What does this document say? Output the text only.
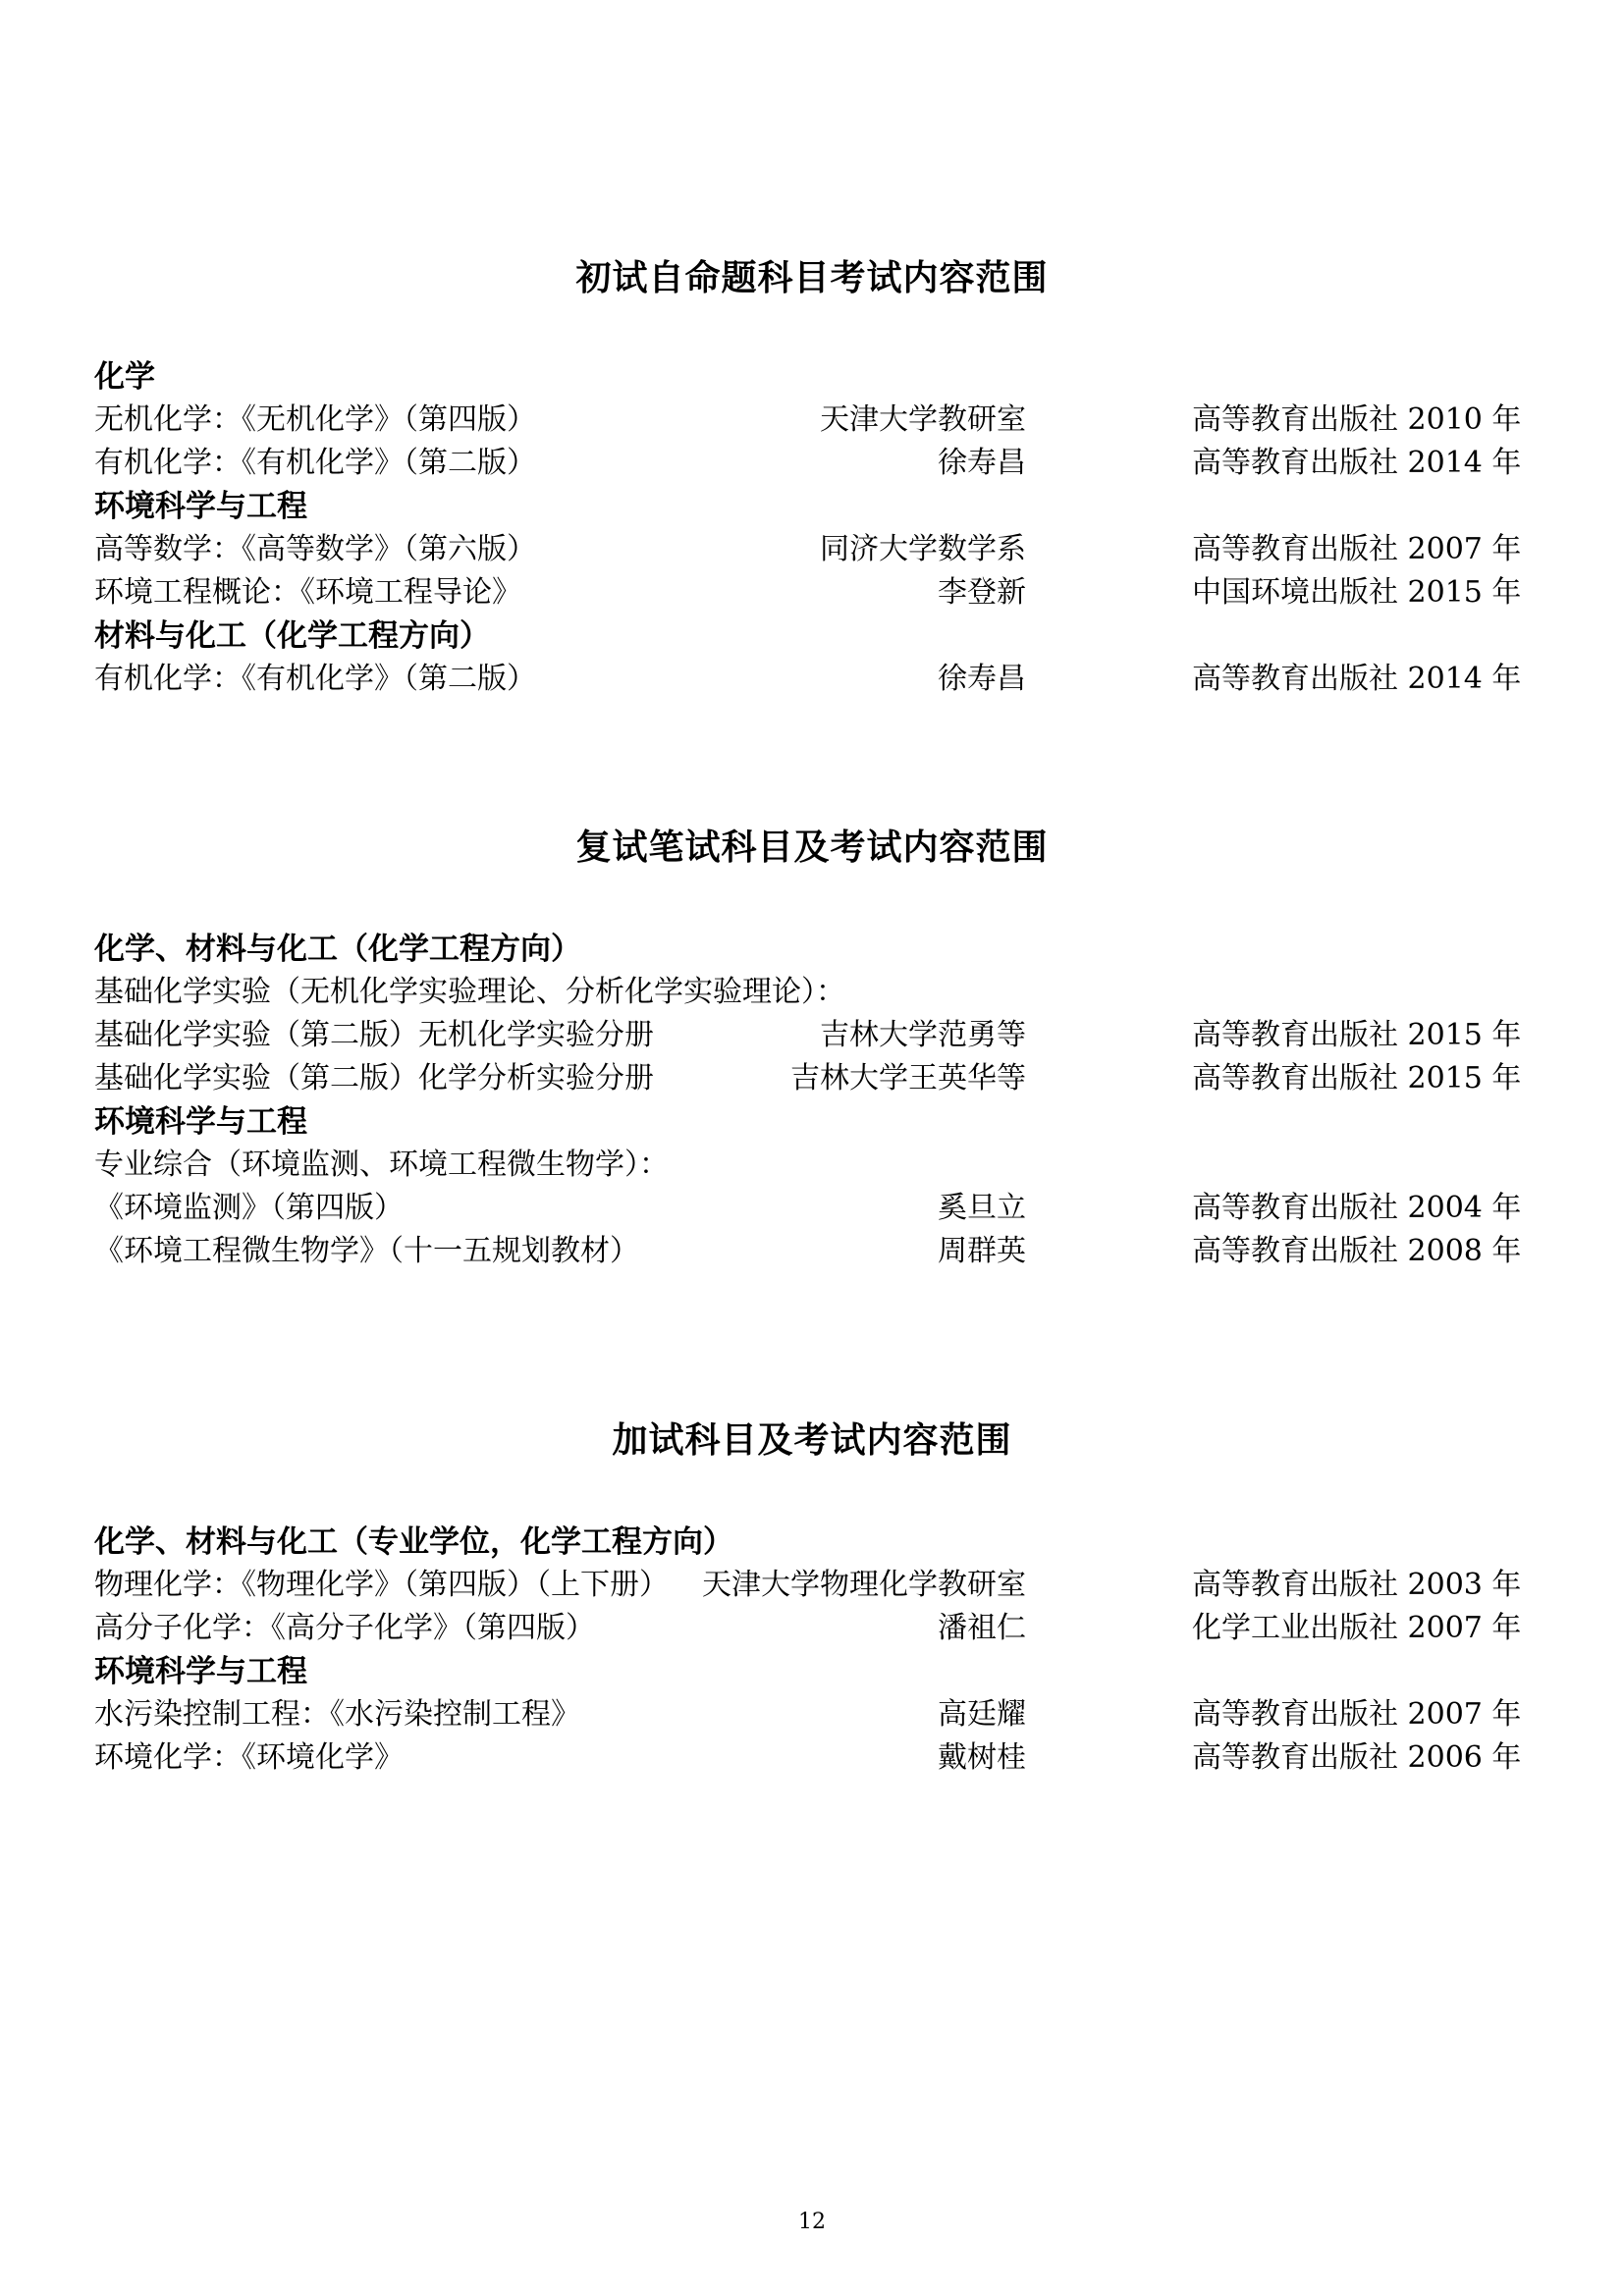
初试自命题科目考试内容范围
化学
无机化学：《无机化学》（第四版）	天津大学教研室	高等教育出版社 2010 年
有机化学：《有机化学》（第二版）	徐寿昌	高等教育出版社 2014 年
环境科学与工程
高等数学：《高等数学》（第六版）	同济大学数学系	高等教育出版社 2007 年
环境工程概论：《环境工程导论》	李登新	中国环境出版社 2015 年
材料与化工（化学工程方向）
有机化学：《有机化学》（第二版）	徐寿昌	高等教育出版社 2014 年
复试笔试科目及考试内容范围
化学、材料与化工（化学工程方向）
基础化学实验（无机化学实验理论、分析化学实验理论）：
基础化学实验（第二版）无机化学实验分册	吉林大学范勇等	高等教育出版社 2015 年
基础化学实验（第二版）化学分析实验分册	吉林大学王英华等	高等教育出版社 2015 年
环境科学与工程
专业综合（环境监测、环境工程微生物学）：
《环境监测》（第四版）	奚旦立	高等教育出版社 2004 年
《环境工程微生物学》（十一五规划教材）	周群英	高等教育出版社 2008 年
加试科目及考试内容范围
化学、材料与化工（专业学位，化学工程方向）
物理化学：《物理化学》（第四版）（上下册） 天津大学物理化学教研室	高等教育出版社 2003 年
高分子化学：《高分子化学》（第四版）	潘祖仁	化学工业出版社 2007 年
环境科学与工程
水污染控制工程：《水污染控制工程》	高廷耀	高等教育出版社 2007 年
环境化学：《环境化学》	戴树桂	高等教育出版社 2006 年
12
